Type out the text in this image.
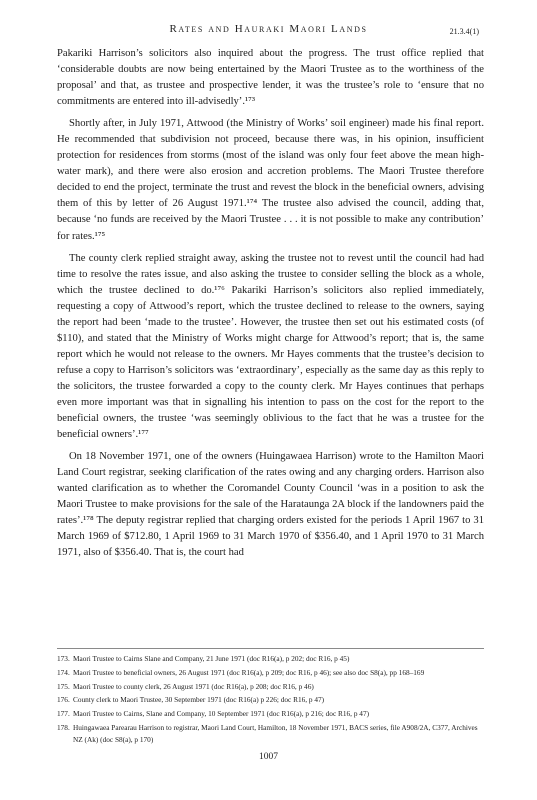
Rates and Hauraki Maori Lands	21.3.4(1)

Pakariki Harrison’s solicitors also inquired about the progress. The trust office replied that ‘considerable doubts are now being entertained by the Maori Trustee as to the worthiness of the proposal’ and that, as trustee and prospective lender, it was the trustee’s role to ‘ensure that no commitments are entered into ill-advisedly’.¹⁷³

Shortly after, in July 1971, Attwood (the Ministry of Works’ soil engineer) made his final report. He recommended that subdivision not proceed, because there was, in his opinion, insufficient protection for residences from storms (most of the island was only four feet above the mean high-water mark), and there were also erosion and accretion problems. The Maori Trustee therefore decided to end the project, terminate the trust and revest the block in the beneficial owners, advising them of this by letter of 26 August 1971.¹⁷⁴ The trustee also advised the council, adding that, because ‘no funds are received by the Maori Trustee . . . it is not possible to make any contribution’ for rates.¹⁷⁵

The county clerk replied straight away, asking the trustee not to revest until the council had had time to resolve the rates issue, and also asking the trustee to consider selling the block as a whole, which the trustee declined to do.¹⁷⁶ Pakariki Harrison’s solicitors also replied immediately, requesting a copy of Attwood’s report, which the trustee declined to release to the owners, saying the report had been ‘made to the trustee’. However, the trustee then set out his estimated costs (of $110), and stated that the Ministry of Works might charge for Attwood’s report; that is, the same report which he would not release to the owners. Mr Hayes comments that the trustee’s decision to refuse a copy to Harrison’s solicitors was ‘extraordinary’, especially as the same day as this reply to the solicitors, the trustee forwarded a copy to the county clerk. Mr Hayes continues that perhaps even more important was that in signalling his intention to pass on the cost for the report to the beneficial owners, the trustee ‘was seemingly oblivious to the fact that he was a trustee for the beneficial owners’.¹⁷⁷

On 18 November 1971, one of the owners (Huingawaea Harrison) wrote to the Hamilton Maori Land Court registrar, seeking clarification of the rates owing and any charging orders. Harrison also wanted clarification as to whether the Coromandel County Council ‘was in a position to ask the Maori Trustee to make provisions for the sale of the Harataunga 2A block if the landowners paid the rates’.¹⁷⁸ The deputy registrar replied that charging orders existed for the periods 1 April 1967 to 31 March 1969 of $712.80, 1 April 1969 to 31 March 1970 of $356.40, and 1 April 1970 to 31 March 1971, also of $356.40. That is, the court had

173. Maori Trustee to Cairns Slane and Company, 21 June 1971 (doc R16(a), p 202; doc R16, p 45)
174. Maori Trustee to beneficial owners, 26 August 1971 (doc R16(a), p 209; doc R16, p 46); see also doc S8(a), pp 168–169
175. Maori Trustee to county clerk, 26 August 1971 (doc R16(a), p 208; doc R16, p 46)
176. County clerk to Maori Trustee, 30 September 1971 (doc R16(a) p 226; doc R16, p 47)
177. Maori Trustee to Cairns, Slane and Company, 10 September 1971 (doc R16(a), p 216; doc R16, p 47)
178. Huingawaea Parearau Harrison to registrar, Maori Land Court, Hamilton, 18 November 1971, BACS series, file A908/2A, C377, Archives NZ (Ak) (doc S8(a), p 170)
1007
